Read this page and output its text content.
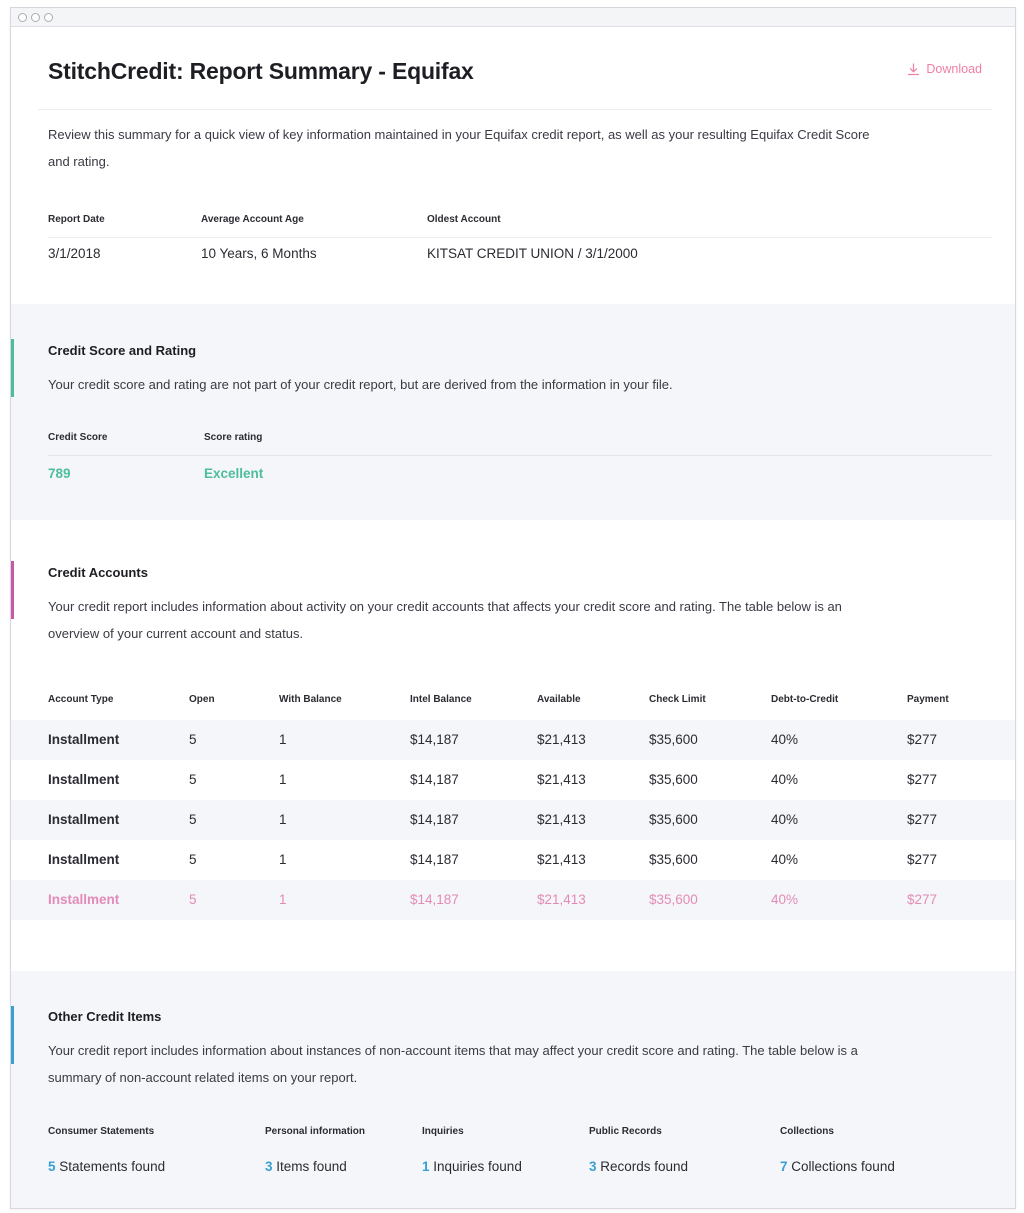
StitchCredit: Report Summary - Equifax	Download

Review this summary for a quick view of key information maintained in your Equifax credit report, as well as your resulting Equifax Credit Score and rating.

Report Date	Average Account Age	Oldest Account
3/1/2018	10 Years, 6 Months	KITSAT CREDIT UNION / 3/1/2000
Credit Score and Rating
Your credit score and rating are not part of your credit report, but are derived from the information in your file.
Credit Score	Score rating
789	Excellent
Credit Accounts
Your credit report includes information about activity on your credit accounts that affects your credit score and rating. The table below is an overview of your current account and status.
Account Type	Open	With Balance	Intel Balance	Available	Check Limit	Debt-to-Credit	Payment
Installment	5	1	$14,187	$21,413	$35,600	40%	$277
Installment	5	1	$14,187	$21,413	$35,600	40%	$277
Installment	5	1	$14,187	$21,413	$35,600	40%	$277
Installment	5	1	$14,187	$21,413	$35,600	40%	$277
Installment	5	1	$14,187	$21,413	$35,600	40%	$277
Other Credit Items
Your credit report includes information about instances of non-account items that may affect your credit score and rating. The table below is a summary of non-account related items on your report.
Consumer Statements	Personal information	Inquiries	Public Records	Collections
5 Statements found	3 Items found	1 Inquiries found	3 Records found	7 Collections found
